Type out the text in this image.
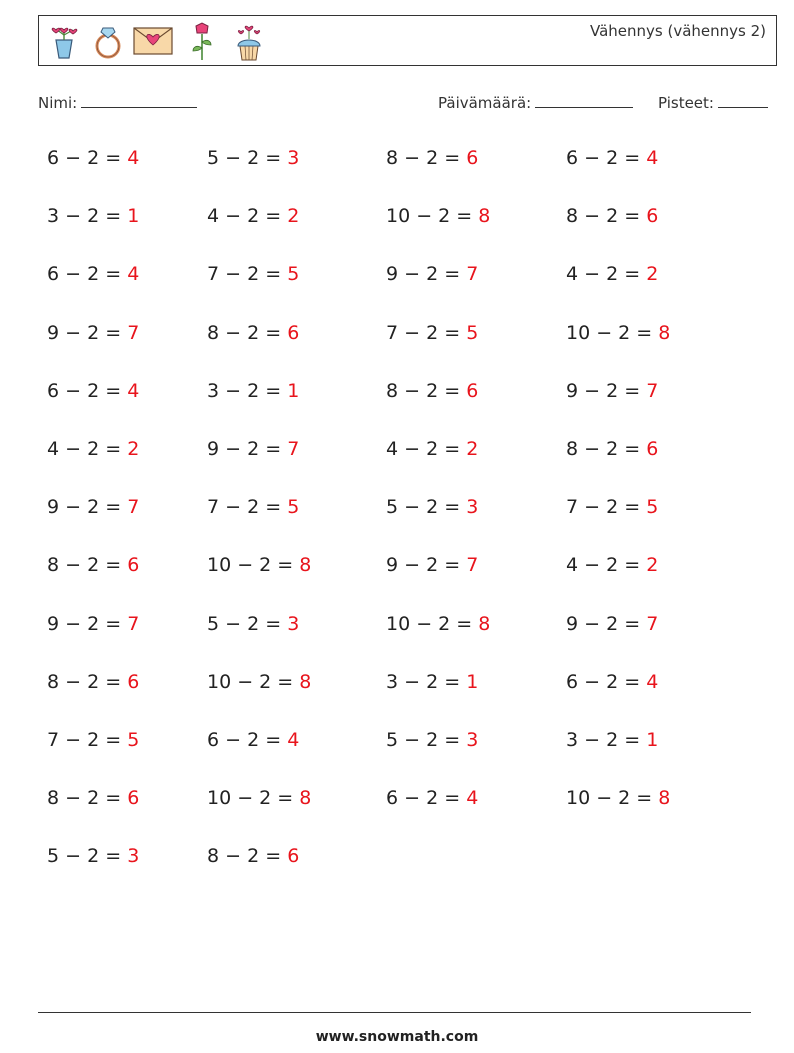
Vähennys (vähennys 2)
Nimi:	Päivämäärä:	Pisteet:
6 − 2 = 4	5 − 2 = 3	8 − 2 = 6	6 − 2 = 4
3 − 2 = 1	4 − 2 = 2	10 − 2 = 8	8 − 2 = 6
6 − 2 = 4	7 − 2 = 5	9 − 2 = 7	4 − 2 = 2
9 − 2 = 7	8 − 2 = 6	7 − 2 = 5	10 − 2 = 8
6 − 2 = 4	3 − 2 = 1	8 − 2 = 6	9 − 2 = 7
4 − 2 = 2	9 − 2 = 7	4 − 2 = 2	8 − 2 = 6
9 − 2 = 7	7 − 2 = 5	5 − 2 = 3	7 − 2 = 5
8 − 2 = 6	10 − 2 = 8	9 − 2 = 7	4 − 2 = 2
9 − 2 = 7	5 − 2 = 3	10 − 2 = 8	9 − 2 = 7
8 − 2 = 6	10 − 2 = 8	3 − 2 = 1	6 − 2 = 4
7 − 2 = 5	6 − 2 = 4	5 − 2 = 3	3 − 2 = 1
8 − 2 = 6	10 − 2 = 8	6 − 2 = 4	10 − 2 = 8
5 − 2 = 3	8 − 2 = 6
www.snowmath.com
